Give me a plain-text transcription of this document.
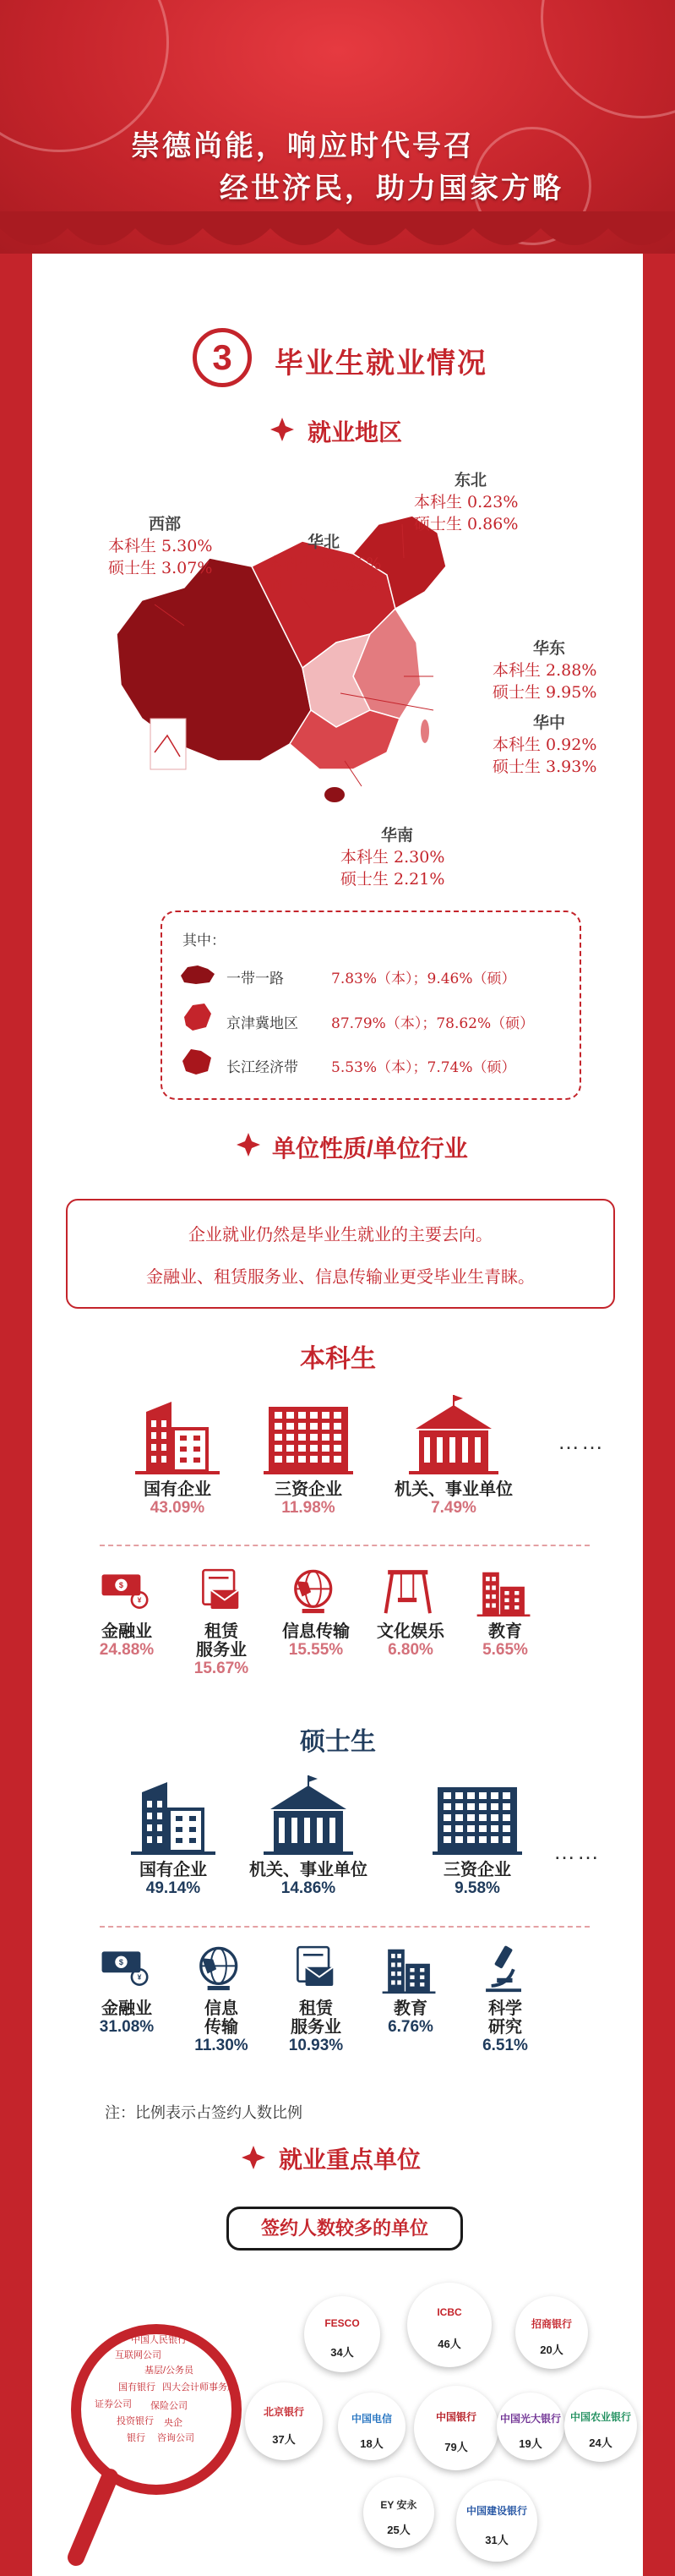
崇德尚能，响应时代号召
经世济民，助力国家方略
3	毕业生就业情况
就业地区
西部
本科生 5.30%
硕士生 3.07%
华北
本科生 88.36%
硕士生 79.98%
东北
本科生 0.23%
硕士生 0.86%
华东
本科生 2.88%
硕士生 9.95%
华中
本科生 0.92%
硕士生 3.93%
华南
本科生 2.30%
硕士生 2.21%
其中：
一带一路	7.83%（本）；9.46%（硕）
京津冀地区 87.79%（本）；78.62%（硕）
长江经济带 5.53%（本）；7.74%（硕）
单位性质/单位行业
企业就业仍然是毕业生就业的主要去向。
金融业、租赁服务业、信息传输业更受毕业生青睐。
本科生
国有企业
43.09%
三资企业
11.98%
机关、事业单位
7.49%
……
$
¥
金融业
24.88%
租赁
服务业
15.67%
信息传输
15.55%
文化娱乐
6.80%
教育
5.65%
硕士生
国有企业
49.14%
机关、事业单位
14.86%
三资企业
9.58%
……
$
¥
金融业
31.08%
信息
传输
11.30%
租赁
服务业
10.93%
教育
6.76%
科学
研究
6.51%
注：比例表示占签约人数比例
就业重点单位
签约人数较多的单位
中国人民银行
互联网公司
基层/公务员
国有银行 四大会计师事务所
证券公司 保险公司
投资银行 央企
银行 咨询公司
FESCO
34人
ICBC
46人
招商银行
20人
北京银行
37人
中国电信
18人
中国银行
79人
中国光大银行
19人
中国农业银行
24人
EY 安永
25人
中国建设银行
31人
